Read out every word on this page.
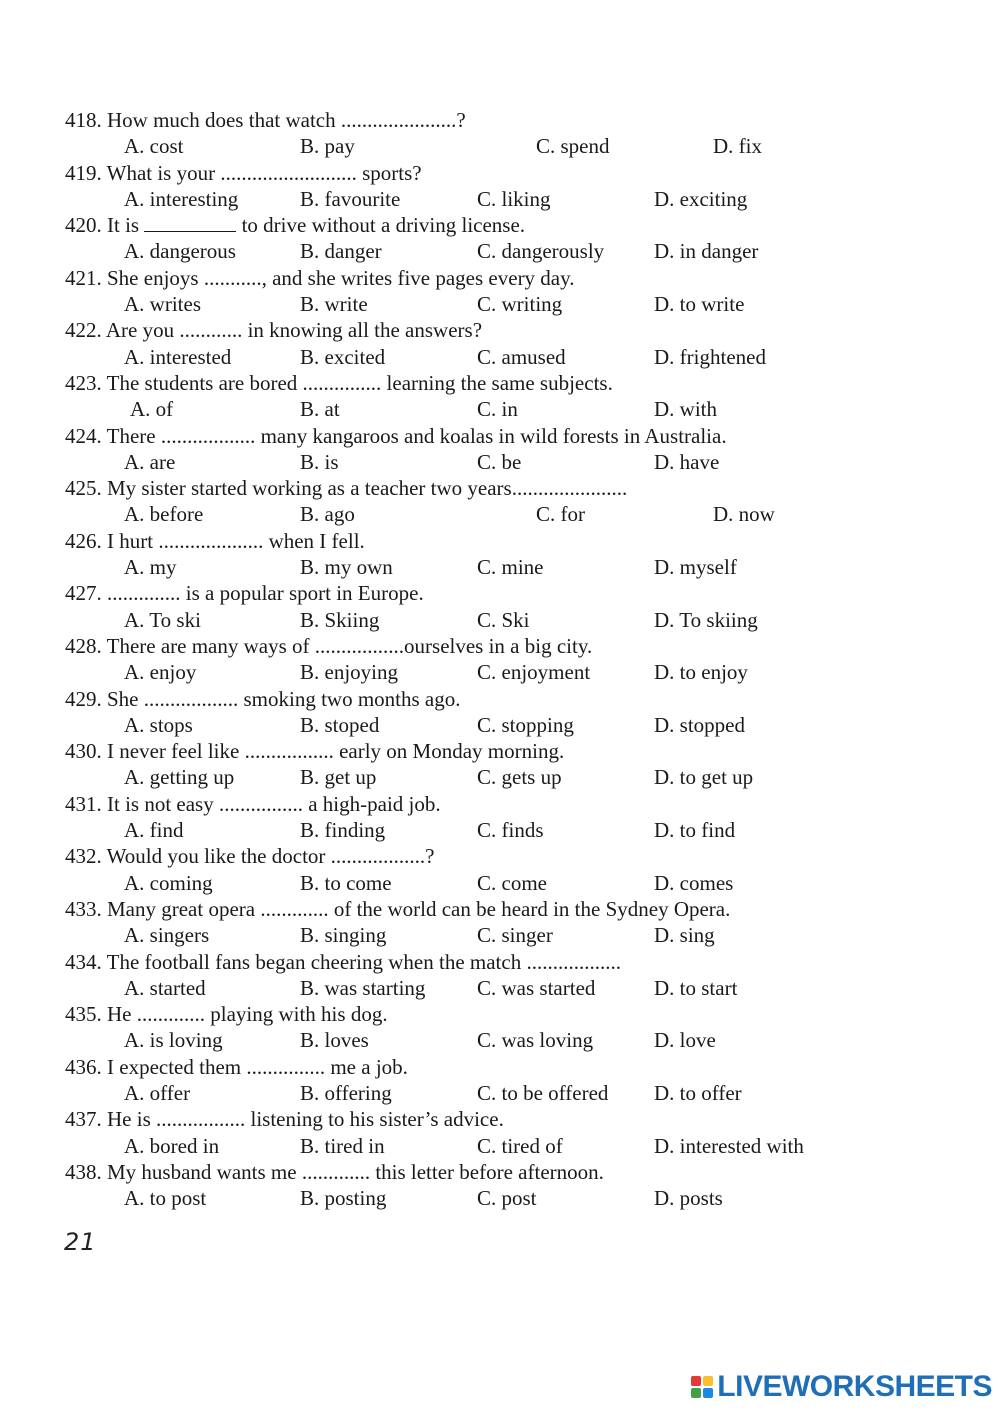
418. How much does that watch ......................?
A. cost	B. pay	C. spend	D. fix
419. What is your .......................... sports?
A. interesting	B. favourite	C. liking	D. exciting
420. It is	to drive without a driving license.
A. dangerous	B. danger	C. dangerously D. in danger
421. She enjoys ..........., and she writes five pages every day.
A. writes	B. write	C. writing	D. to write
422. Are you ............ in knowing all the answers?
A. interested	B. excited	C. amused	D. frightened
423. The students are bored ............... learning the same subjects.
A. of	B. at	C. in	D. with
424. There .................. many kangaroos and koalas in wild forests in Australia.
A. are	B. is	C. be	D. have
425. My sister started working as a teacher two years......................
A. before	B. ago	C. for	D. now
426. I hurt .................... when I fell.
A. my	B. my own	C. mine	D. myself
427. .............. is a popular sport in Europe.
A. To ski	B. Skiing	C. Ski	D. To skiing
428. There are many ways of .................ourselves in a big city.
A. enjoy	B. enjoying	C. enjoyment	D. to enjoy
429. She .................. smoking two months ago.
A. stops	B. stoped	C. stopping	D. stopped
430. I never feel like ................. early on Monday morning.
A. getting up	B. get up	C. gets up	D. to get up
431. It is not easy ................ a high-paid job.
A. find	B. finding	C. finds	D. to find
432. Would you like the doctor ..................?
A. coming	B. to come	C. come	D. comes
433. Many great opera ............. of the world can be heard in the Sydney Opera.
A. singers	B. singing	C. singer	D. sing
434. The football fans began cheering when the match ..................
A. started	B. was starting C. was started	D. to start
435. He ............. playing with his dog.
A. is loving	B. loves	C. was loving	D. love
436. I expected them ............... me a job.
A. offer	B. offering	C. to be offered D. to offer
437. He is ................. listening to his sister’s advice.
A. bored in	B. tired in	C. tired of	D. interested with
438. My husband wants me ............. this letter before afternoon.
A. to post	B. posting	C. post	D. posts
21
LIVEWORKSHEETS
